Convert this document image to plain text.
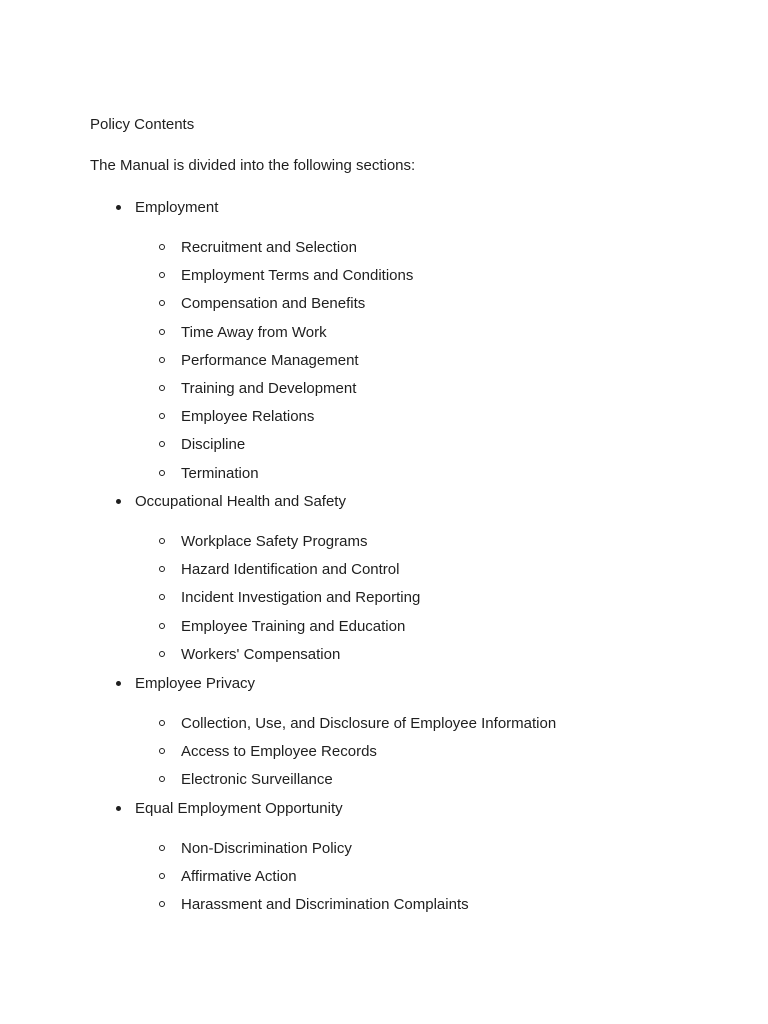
Policy Contents

The Manual is divided into the following sections:

Employment
Recruitment and Selection
Employment Terms and Conditions
Compensation and Benefits
Time Away from Work
Performance Management
Training and Development
Employee Relations
Discipline
Termination
Occupational Health and Safety
Workplace Safety Programs
Hazard Identification and Control
Incident Investigation and Reporting
Employee Training and Education
Workers' Compensation
Employee Privacy
Collection, Use, and Disclosure of Employee Information
Access to Employee Records
Electronic Surveillance
Equal Employment Opportunity
Non-Discrimination Policy
Affirmative Action
Harassment and Discrimination Complaints
